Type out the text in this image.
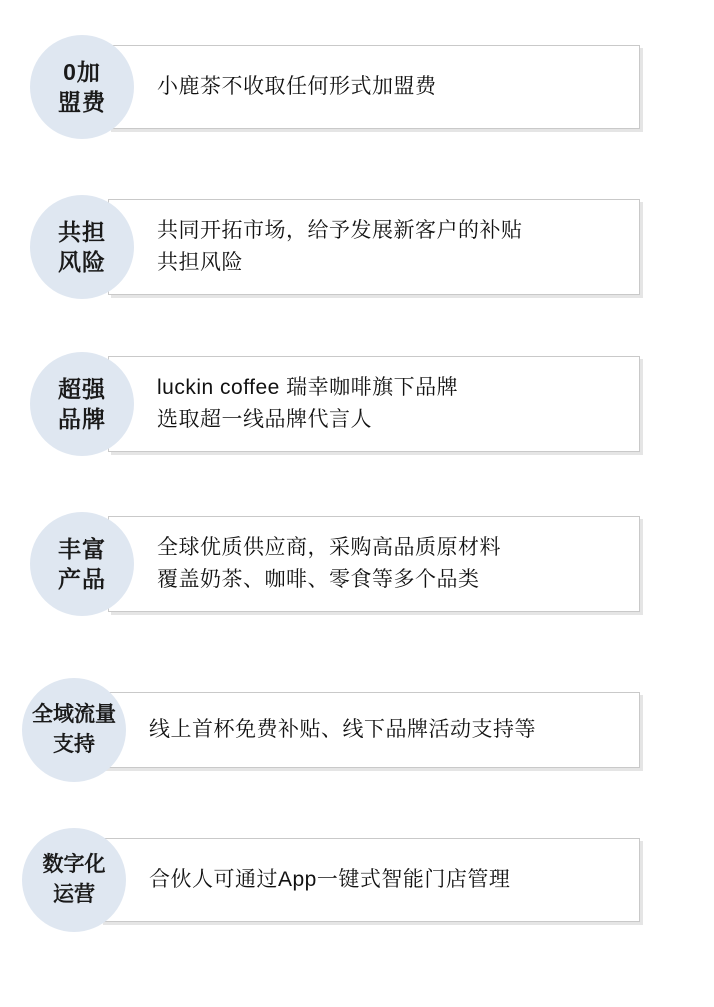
0加
盟费
小鹿茶不收取任何形式加盟费
共担
风险
共同开拓市场，给予发展新客户的补贴
共担风险
超强
品牌
luckin coffee 瑞幸咖啡旗下品牌
选取超一线品牌代言人
丰富
产品
全球优质供应商，采购高品质原材料
覆盖奶茶、咖啡、零食等多个品类
全域流量
支持
线上首杯免费补贴、线下品牌活动支持等
数字化
运营
合伙人可通过App一键式智能门店管理
